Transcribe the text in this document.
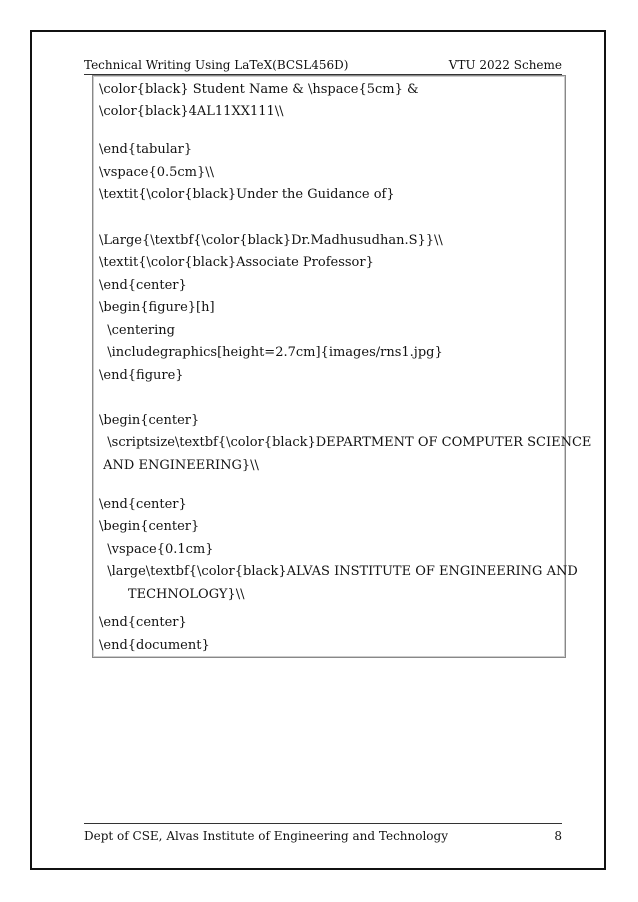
Technical Writing Using LaTeX(BCSL456D)	VTU 2022 Scheme
\color{black} Student Name & \hspace{5cm} &
\color{black}4AL11XX111\\
\end{tabular}
\vspace{0.5cm}\\
\textit{\color{black}Under the Guidance of}
\Large{\textbf{\color{black}Dr.Madhusudhan.S}}\\
\textit{\color{black}Associate Professor}
\end{center}
\begin{figure}[h]
\centering
\includegraphics[height=2.7cm]{images/rns1.jpg}
\end{figure}
\begin{center}
\scriptsize\textbf{\color{black}DEPARTMENT OF COMPUTER SCIENCE
AND ENGINEERING}\\
\end{center}
\begin{center}
\vspace{0.1cm}
\large\textbf{\color{black}ALVAS INSTITUTE OF ENGINEERING AND
TECHNOLOGY}\\
\end{center}
\end{document}
Dept of CSE, Alvas Institute of Engineering and Technology	8
